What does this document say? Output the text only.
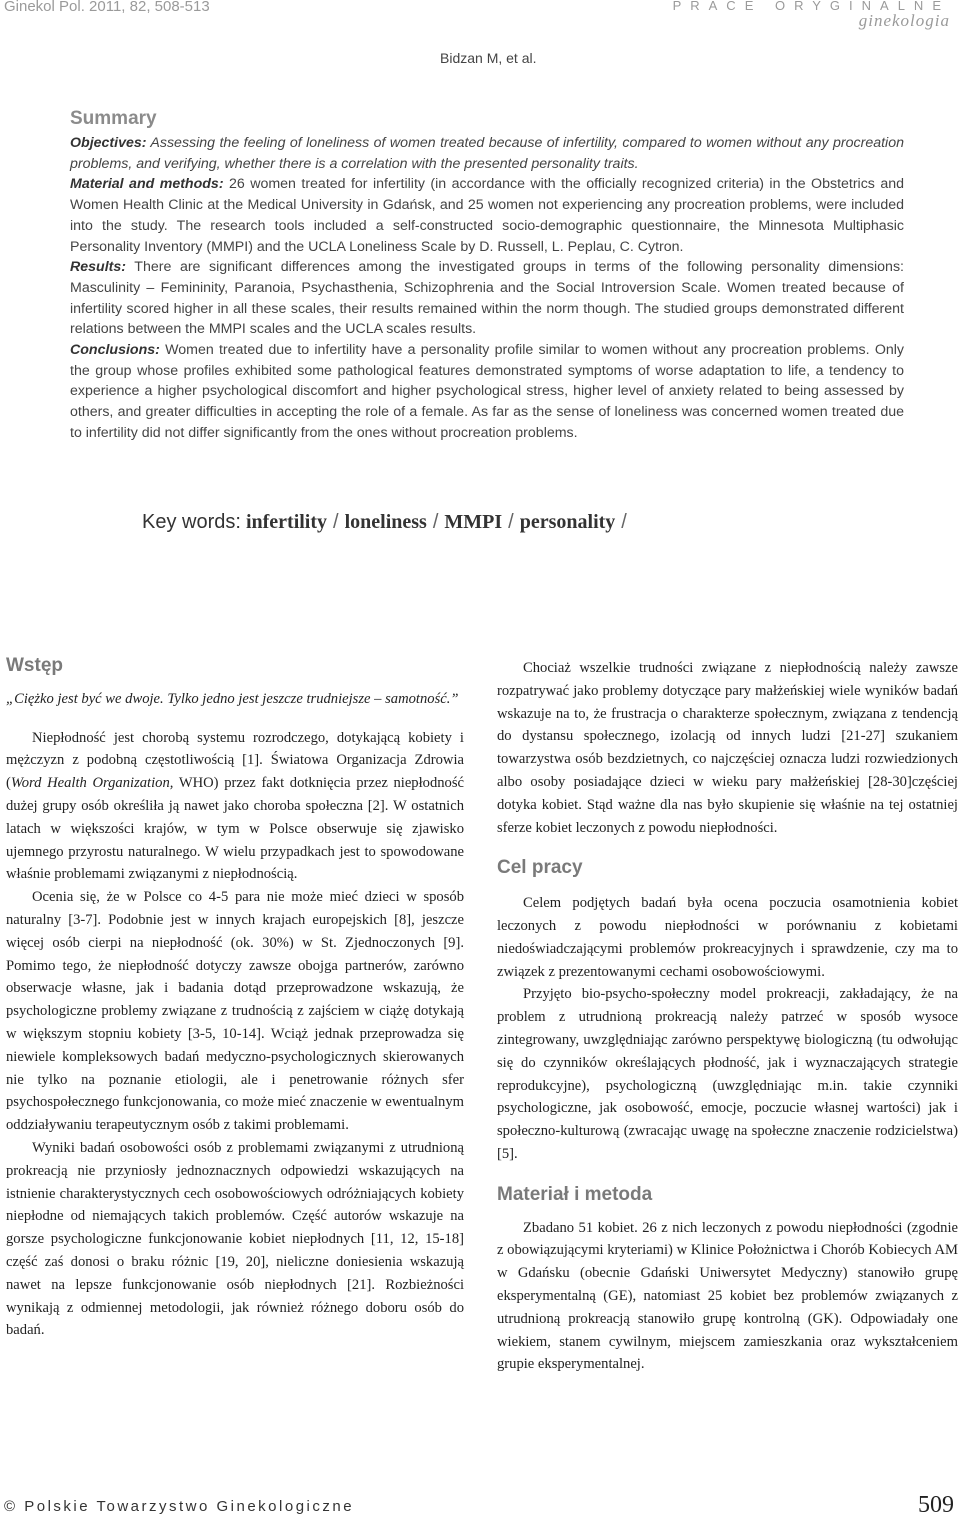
Ginekol Pol. 2011, 82, 508-513	PRACE ORYGINALNE
ginekologia
Bidzan M, et al.
Summary

Objectives: Assessing the feeling of loneliness of women treated because of infertility, compared to women without any procreation problems, and verifying, whether there is a correlation with the presented personality traits.

Material and methods: 26 women treated for infertility (in accordance with the officially recognized criteria) in the Obstetrics and Women Health Clinic at the Medical University in Gdańsk, and 25 women not experiencing any procreation problems, were included into the study. The research tools included a self-constructed socio-demographic questionnaire, the Minnesota Multiphasic Personality Inventory (MMPI) and the UCLA Loneliness Scale by D. Russell, L. Peplau, C. Cytron.

Results: There are significant differences among the investigated groups in terms of the following personality dimensions: Masculinity – Femininity, Paranoia, Psychasthenia, Schizophrenia and the Social Introversion Scale. Women treated because of infertility scored higher in all these scales, their results remained within the norm though. The studied groups demonstrated different relations between the MMPI scales and the UCLA scales results.

Conclusions: Women treated due to infertility have a personality profile similar to women without any procreation problems. Only the group whose profiles exhibited some pathological features demonstrated symptoms of worse adaptation to life, a tendency to experience a higher psychological discomfort and higher psychological stress, higher level of anxiety related to being assessed by others, and greater difficulties in accepting the role of a female. As far as the sense of loneliness was concerned women treated due to infertility did not differ significantly from the ones without procreation problems.

Key words: infertility / loneliness / MMPI / personality /
Wstęp

„Ciężko jest być we dwoje. Tylko jedno jest jeszcze trudniejsze – samotność.”

Niepłodność jest chorobą systemu rozrodczego, dotykającą kobiety i mężczyzn z podobną częstotliwością [1]. Światowa Organizacja Zdrowia (Word Health Organization, WHO) przez fakt dotknięcia przez niepłodność dużej grupy osób określiła ją nawet jako choroba społeczna [2]. W ostatnich latach w większości krajów, w tym w Polsce obserwuje się zjawisko ujemnego przyrostu naturalnego. W wielu przypadkach jest to spowodowane właśnie problemami związanymi z niepłodnością.

Ocenia się, że w Polsce co 4-5 para nie może mieć dzieci w sposób naturalny [3-7]. Podobnie jest w innych krajach europejskich [8], jeszcze więcej osób cierpi na niepłodność (ok. 30%) w St. Zjednoczonych [9]. Pomimo tego, że niepłodność dotyczy zawsze obojga partnerów, zarówno obserwacje własne, jak i badania dotąd przeprowadzone wskazują, że psychologiczne problemy związane z trudnością z zajściem w ciążę dotykają w większym stopniu kobiety [3-5, 10-14]. Wciąż jednak przeprowadza się niewiele kompleksowych badań medyczno-psychologicznych skierowanych nie tylko na poznanie etiologii, ale i penetrowanie różnych sfer psychospołecznego funkcjonowania, co może mieć znaczenie w ewentualnym oddziaływaniu terapeutycznym osób z takimi problemami.

Wyniki badań osobowości osób z problemami związanymi z utrudnioną prokreacją nie przyniosły jednoznacznych odpowiedzi wskazujących na istnienie charakterystycznych cech osobowościowych odróżniających kobiety niepłodne od niemających takich problemów. Część autorów wskazuje na gorsze psychologiczne funkcjonowanie kobiet niepłodnych [11, 12, 15-18] część zaś donosi o braku różnic [19, 20], nieliczne doniesienia wskazują nawet na lepsze funkcjonowanie osób niepłodnych [21]. Rozbieżności wynikają z odmiennej metodologii, jak również różnego doboru osób do badań.

Chociaż wszelkie trudności związane z niepłodnością należy zawsze rozpatrywać jako problemy dotyczące pary małżeńskiej wiele wyników badań wskazuje na to, że frustracja o charakterze społecznym, związana z tendencją do dystansu społecznego, izolacją od innych ludzi [21-27] szukaniem towarzystwa osób bezdzietnych, co najczęściej oznacza ludzi rozwiedzionych albo osoby posiadające dzieci w wieku pary małżeńskiej [28-30]częściej dotyka kobiet. Stąd ważne dla nas było skupienie się właśnie na tej ostatniej sferze kobiet leczonych z powodu niepłodności.

Cel pracy

Celem podjętych badań była ocena poczucia osamotnienia kobiet leczonych z powodu niepłodności w porównaniu z kobietami niedoświadczającymi problemów prokreacyjnych i sprawdzenie, czy ma to związek z prezentowanymi cechami osobowościowymi.

Przyjęto bio-psycho-społeczny model prokreacji, zakładający, że na problem z utrudnioną prokreacją należy patrzeć w sposób wysoce zintegrowany, uwzględniając zarówno perspektywę biologiczną (tu odwołując się do czynników określających płodność, jak i wyznaczających strategie reprodukcyjne), psychologiczną (uwzględniając m.in. takie czynniki psychologiczne, jak osobowość, emocje, poczucie własnej wartości) jak i społeczno-kulturową (zwracając uwagę na społeczne znaczenie rodzicielstwa) [5].

Materiał i metoda

Zbadano 51 kobiet. 26 z nich leczonych z powodu niepłodności (zgodnie z obowiązującymi kryteriami) w Klinice Położnictwa i Chorób Kobiecych AM w Gdańsku (obecnie Gdański Uniwersytet Medyczny) stanowiło grupę eksperymentalną (GE), natomiast 25 kobiet bez problemów związanych z utrudnioną prokreacją stanowiło grupę kontrolną (GK). Odpowiadały one wiekiem, stanem cywilnym, miejscem zamieszkania oraz wykształceniem grupie eksperymentalnej.

© Polskie Towarzystwo Ginekologiczne	509
